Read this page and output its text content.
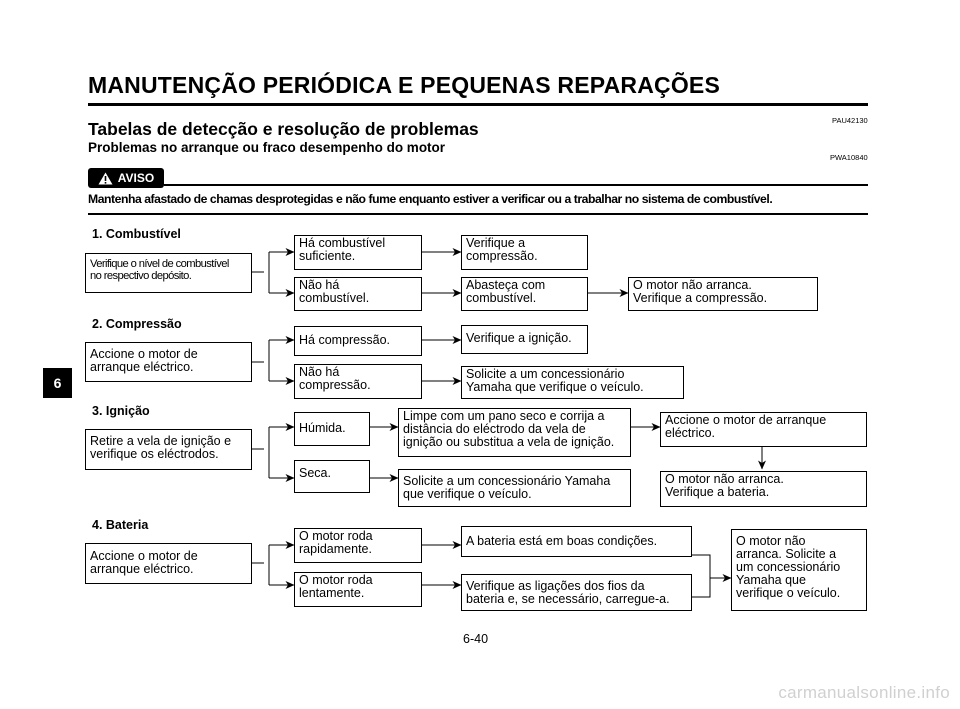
MANUTENÇÃO PERIÓDICA E PEQUENAS REPARAÇÕES
PAU42130
Tabelas de detecção e resolução de problemas
Problemas no arranque ou fraco desempenho do motor
PWA10840
AVISO
Mantenha afastado de chamas desprotegidas e não fume enquanto estiver a verificar ou a trabalhar no sistema de combustível.
6
1. Combustível
Verifique o nível de combustível
no respectivo depósito.
Há combustível
suficiente.
Verifique a
compressão.
Não há
combustível.
Abasteça com
combustível.
O motor não arranca.
Verifique a compressão.
2. Compressão
Accione o motor de
arranque eléctrico.
Há compressão.	Verifique a ignição.
Não há
compressão.
Solicite a um concessionário
Yamaha que verifique o veículo.
3. Ignição
Retire a vela de ignição e
verifique os eléctrodos.
Húmida.
Limpe com um pano seco e corrija a
distância do eléctrodo da vela de
ignição ou substitua a vela de ignição.
Accione o motor de arranque
eléctrico.
Seca.
Solicite a um concessionário Yamaha
que verifique o veículo.
O motor não arranca.
Verifique a bateria.
4. Bateria
Accione o motor de
arranque eléctrico.
O motor roda
rapidamente.
A bateria está em boas condições.
O motor roda
lentamente.	Verifique as ligações dos fios da
bateria e, se necessário, carregue-a.
O motor não
arranca. Solicite a
um concessionário
Yamaha que
verifique o veículo.
6-40
carmanualsonline.info
